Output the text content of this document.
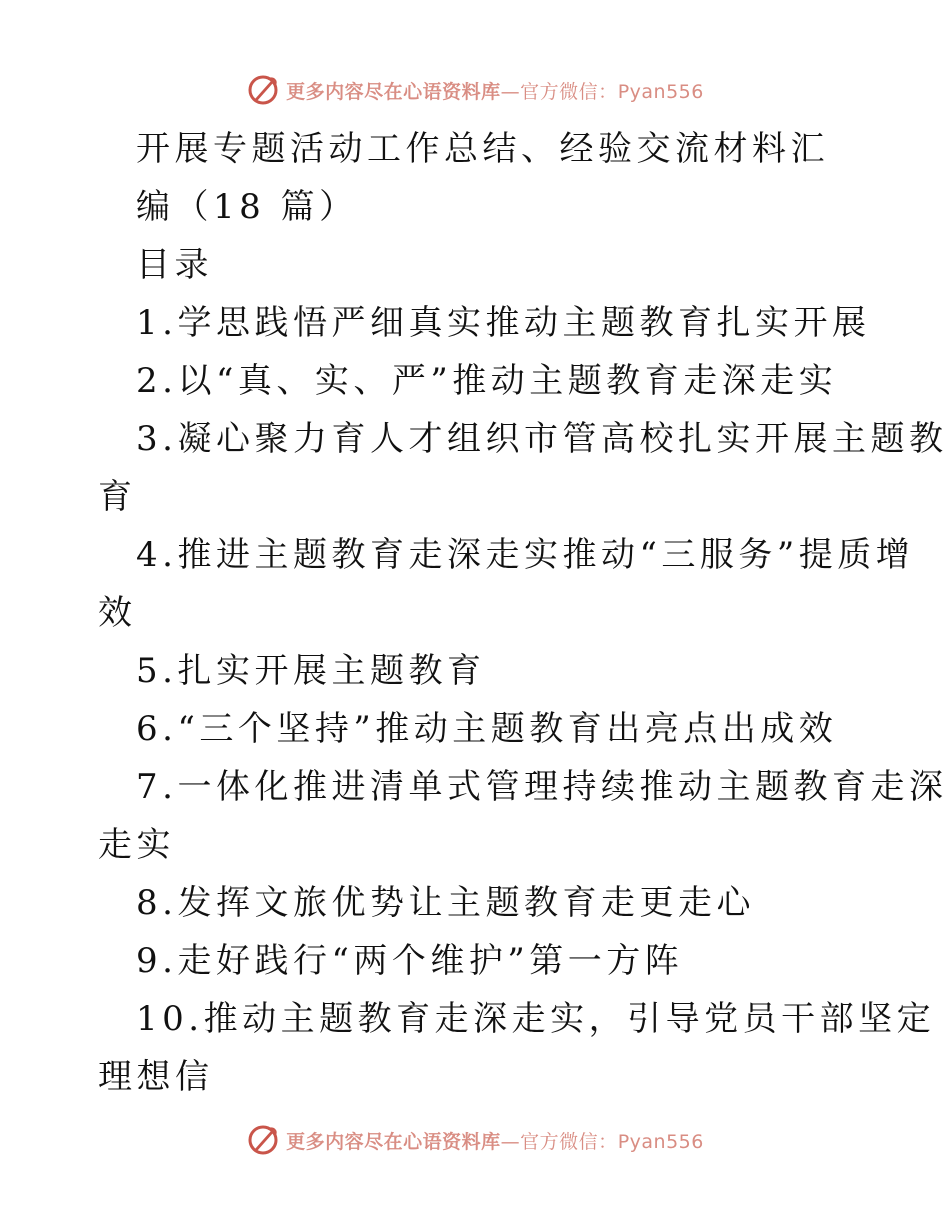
更多内容尽在心语资料库—官方微信：Pyan556
开展专题活动工作总结、经验交流材料汇
编（18 篇）
目录
1.学思践悟严细真实推动主题教育扎实开展
2.以“真、实、严”推动主题教育走深走实
3.凝心聚力育人才组织市管高校扎实开展主题教
育
4.推进主题教育走深走实推动“三服务”提质增
效
5.扎实开展主题教育
6.“三个坚持”推动主题教育出亮点出成效
7.一体化推进清单式管理持续推动主题教育走深
走实
8.发挥文旅优势让主题教育走更走心
9.走好践行“两个维护”第一方阵
10.推动主题教育走深走实，引导党员干部坚定
理想信
更多内容尽在心语资料库—官方微信：Pyan556
